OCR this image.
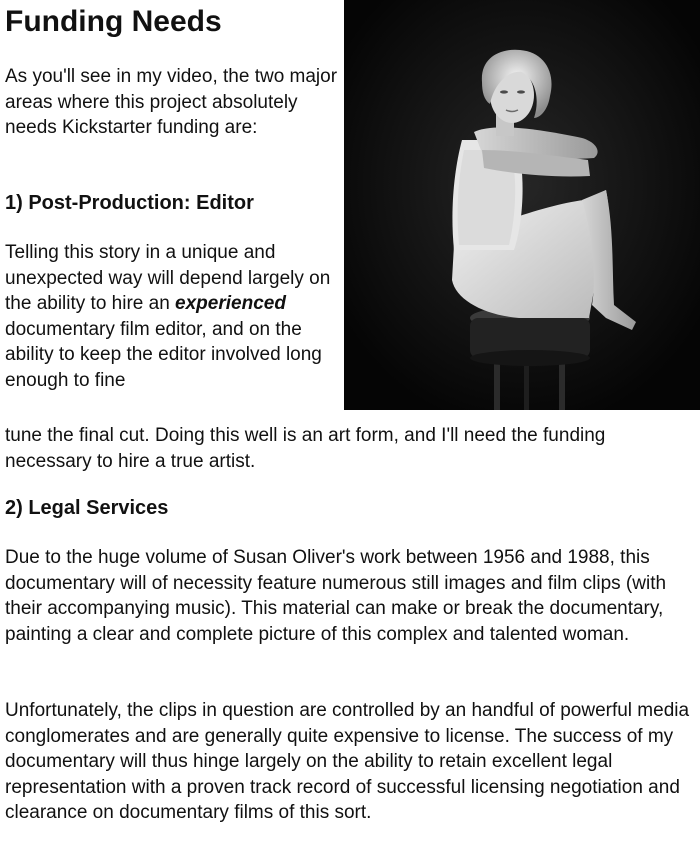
Funding Needs

As you'll see in my video, the two major areas where this project absolutely needs Kickstarter funding are:

1) Post-Production: Editor

Telling this story in a unique and unexpected way will depend largely on the ability to hire an experienced documentary film editor, and on the ability to keep the editor involved long enough to fine

tune the final cut. Doing this well is an art form, and I'll need the funding necessary to hire a true artist.

2) Legal Services

Due to the huge volume of Susan Oliver's work between 1956 and 1988, this documentary will of necessity feature numerous still images and film clips (with their accompanying music). This material can make or break the documentary, painting a clear and complete picture of this complex and talented woman.

Unfortunately, the clips in question are controlled by an handful of powerful media conglomerates and are generally quite expensive to license. The success of my documentary will thus hinge largely on the ability to retain excellent legal representation with a proven track record of successful licensing negotiation and clearance on documentary films of this sort.
